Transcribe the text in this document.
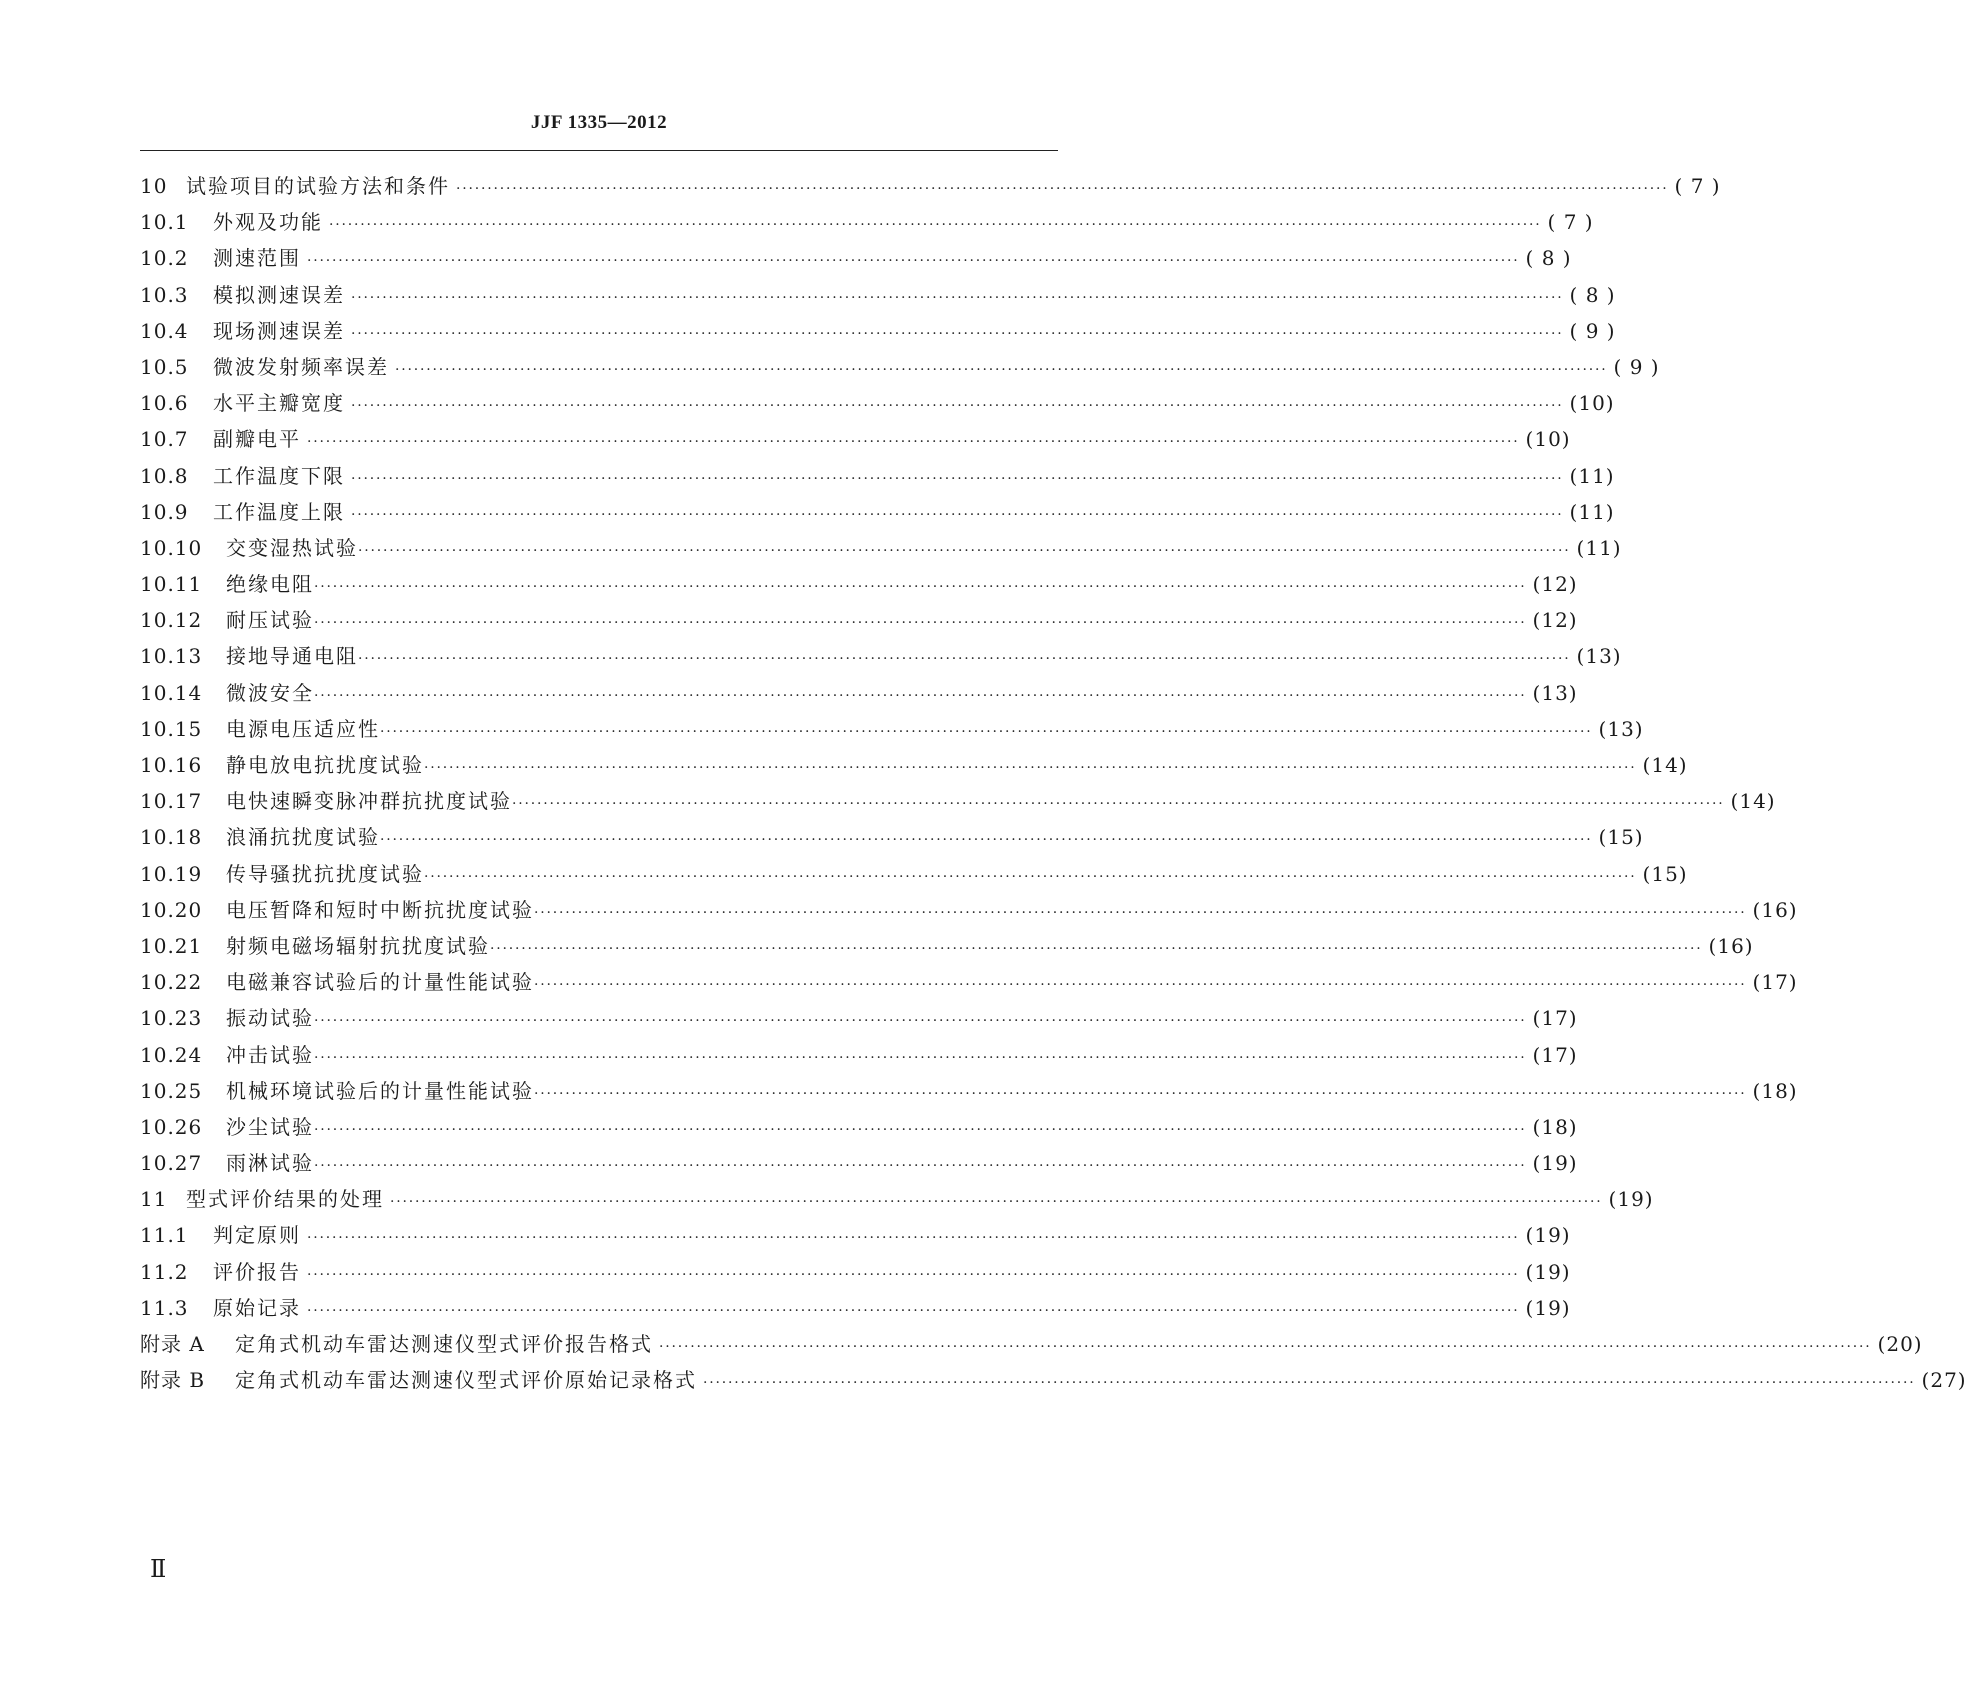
JJF 1335—2012
10 试验项目的试验方法和条件 ·································································································································································································· ( 7 )
10.1	外观及功能 ·································································································································································································· ( 7 )
10.2	测速范围 ·································································································································································································· ( 8 )
10.3	模拟测速误差 ·································································································································································································· ( 8 )
10.4	现场测速误差 ·································································································································································································· ( 9 )
10.5	微波发射频率误差 ·································································································································································································· ( 9 )
10.6	水平主瓣宽度 ·································································································································································································· (10)
10.7	副瓣电平 ·································································································································································································· (10)
10.8	工作温度下限 ·································································································································································································· (11)
10.9	工作温度上限 ·································································································································································································· (11)
10.10	交变湿热试验 ·································································································································································································· (11)
10.11	绝缘电阻 ·································································································································································································· (12)
10.12	耐压试验 ·································································································································································································· (12)
10.13	接地导通电阻 ·································································································································································································· (13)
10.14	微波安全 ·································································································································································································· (13)
10.15	电源电压适应性 ·································································································································································································· (13)
10.16	静电放电抗扰度试验 ·································································································································································································· (14)
10.17	电快速瞬变脉冲群抗扰度试验 ·································································································································································································· (14)
10.18	浪涌抗扰度试验 ·································································································································································································· (15)
10.19	传导骚扰抗扰度试验 ·································································································································································································· (15)
10.20	电压暂降和短时中断抗扰度试验 ·································································································································································································· (16)
10.21	射频电磁场辐射抗扰度试验 ·································································································································································································· (16)
10.22	电磁兼容试验后的计量性能试验 ·································································································································································································· (17)
10.23	振动试验 ·································································································································································································· (17)
10.24	冲击试验 ·································································································································································································· (17)
10.25	机械环境试验后的计量性能试验 ·································································································································································································· (18)
10.26	沙尘试验 ·································································································································································································· (18)
10.27	雨淋试验 ·································································································································································································· (19)
11 型式评价结果的处理 ·································································································································································································· (19)
11.1	判定原则 ·································································································································································································· (19)
11.2	评价报告 ·································································································································································································· (19)
11.3	原始记录 ·································································································································································································· (19)
附录 A	定角式机动车雷达测速仪型式评价报告格式 ·································································································································································································· (20)
附录 B	定角式机动车雷达测速仪型式评价原始记录格式 ·································································································································································································· (27)
Ⅱ
